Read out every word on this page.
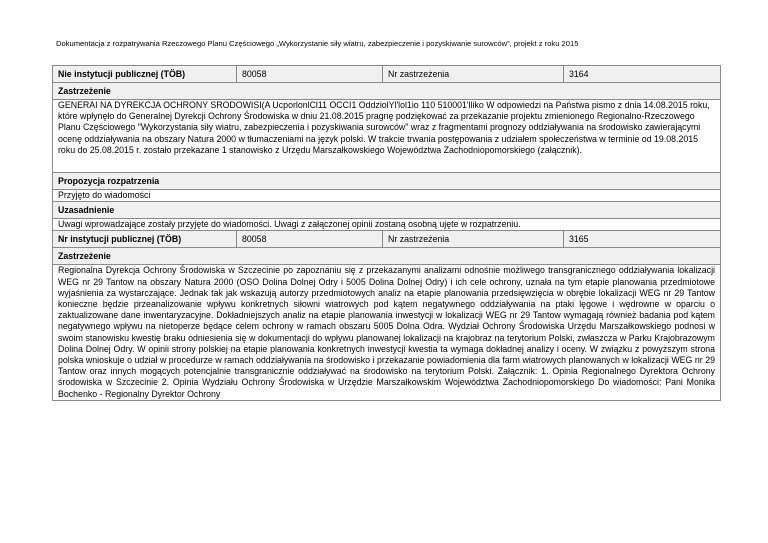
Dokumentacja z rozpatrywania Rzeczowego Planu Częściowego „Wykorzystanie siły wiatru, zabezpieczenie i pozyskiwanie surowców”, projekt z roku 2015
Nie instytucji publicznej (TÖB)	80058	Nr zastrzeżenia	3164
Zastrzeżenie			
GENERAI NA DYREKCJA OCHRONY SRODOWISI(A UcporlonlCl11 OCCI1 OddziolYl'lol1io 110 510001'lliko W odpowiedzi na Państwa pismo z dnia 14.08.2015 roku, które wpłynęło do Generalnej Dyrekcji Ochrony Środowiska w dniu 21.08.2015 pragnę podziękować za przekazanie projektu zmienionego Regionalno-Rzeczowego Planu Częściowego "Wykorzystania siły wiatru, zabezpieczenia i pozyskiwania surowców" wraz z fragmentami prognozy oddziaływania na środowisko zawierającymi ocenę oddziaływania na obszary Natura 2000 w tłumaczeniami na język polski. W trakcie trwania postępowania z udziałem społeczeństwa w terminie od 19.08.2015 roku do 25.08.2015 r. zostało przekazane 1 stanowisko z Urzędu Marszałkowskiego Województwa Zachodniopomorskiego (załącznik).			
Propozycja rozpatrzenia			
Przyjęto do wiadomości			
Uzasadnienie			
Uwagi wprowadzające zostały przyjęte do wiadomości. Uwagi z załączonej opinii zostaną osobną ujęte w rozpatrzeniu.			
Nr instytucji publicznej (TÖB)	80058	Nr zastrzeżenia	3165
Zastrzeżenie			
Regionalna Dyrekcja Ochrony Środowiska w Szczecinie po zapoznaniu się z przekazanymi analizami odnośnie możliwego transgranicznego oddziaływania lokalizacji WEG nr 29 Tantow na obszary Natura 2000 (OSO Dolina Dolnej Odry i 5005 Dolina Dolnej Odry) i ich cele ochrony, uznała na tym etapie planowania przedmiotowe wyjaśnienia za wystarczające. Jednak tak jak wskazują autorzy przedmiotowych analiz na etapie planowania przedsięwzięcia w obrębie lokalizacji WEG nr 29 Tantow konieczne będzie przeanalizowanie wpływu konkretnych siłowni wiatrowych pod kątem negatywnego oddziaływania na ptaki lęgowe i wędrowne w oparciu o zaktualizowane dane inwentaryzacyjne. Dokładniejszych analiz na etapie planowania inwestycji w lokalizacji WEG nr 29 Tantow wymagają również badania pod kątem negatywnego wpływu na nietoperze będące celem ochrony w ramach obszaru 5005 Dolna Odra. Wydział Ochrony Środowiska Urzędu Marszałkowskiego podnosi w swoim stanowisku kwestię braku odniesienia się w dokumentacji do wpływu planowanej lokalizacji na krajobraz na terytorium Polski, zwłaszcza w Parku Krajobrazowym Dolina Dolnej Odry. W opinii strony polskiej na etapie planowania konkretnych inwestycji kwestia ta wymaga dokładnej analizy i oceny. W związku z powyższym strona polska wnioskuje o udział w procedurze w ramach oddziaływania na środowisko i przekazanie powiadomienia dla farm wiatrowych planowanych w lokalizacji WEG nr 29 Tantow oraz innych mogących potencjalnie transgranicznie oddziaływać na środowisko na terytorium Polski. Załącznik: 1. Opinia Regionalnego Dyrektora Ochrony środowiska w Szczecinie 2. Opinia Wydziału Ochrony Środowiska w Urzędzie Marszałkowskim Województwa Zachodniopomorskiego Do wiadomości: Pani Monika Bochenko - Regionalny Dyrektor Ochrony			
